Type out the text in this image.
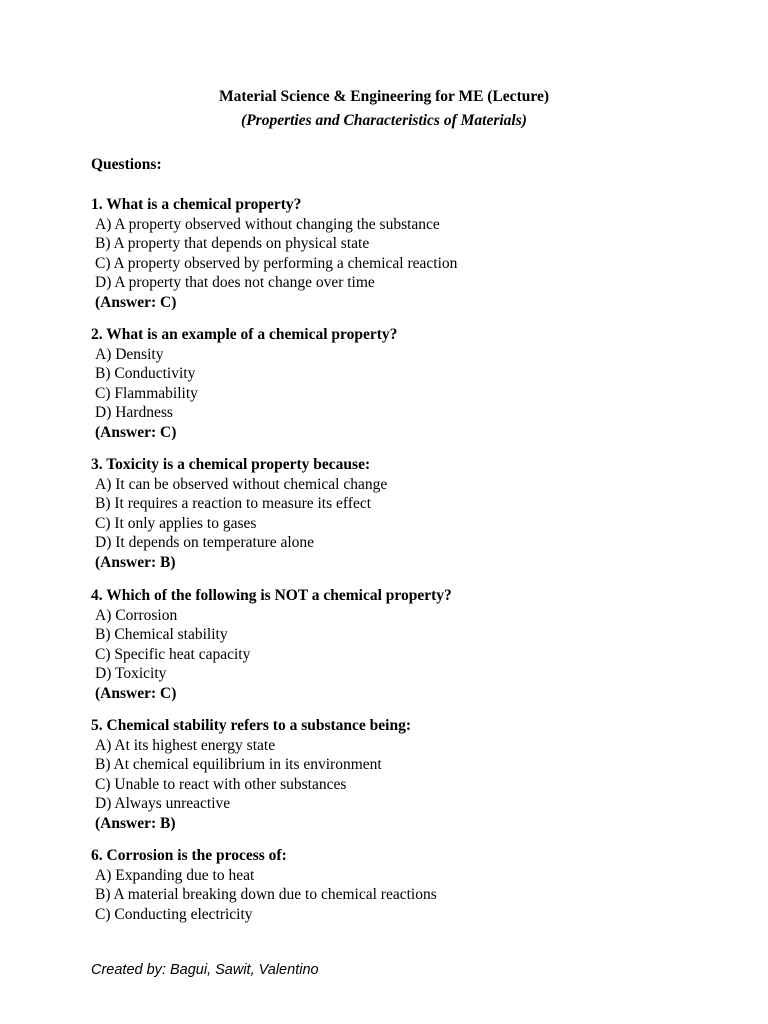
Material Science & Engineering for ME (Lecture)
(Properties and Characteristics of Materials)
Questions:
1. What is a chemical property?
A) A property observed without changing the substance
B) A property that depends on physical state
C) A property observed by performing a chemical reaction
D) A property that does not change over time
(Answer: C)
2. What is an example of a chemical property?
A) Density
B) Conductivity
C) Flammability
D) Hardness
(Answer: C)
3. Toxicity is a chemical property because:
A) It can be observed without chemical change
B) It requires a reaction to measure its effect
C) It only applies to gases
D) It depends on temperature alone
(Answer: B)
4. Which of the following is NOT a chemical property?
A) Corrosion
B) Chemical stability
C) Specific heat capacity
D) Toxicity
(Answer: C)
5. Chemical stability refers to a substance being:
A) At its highest energy state
B) At chemical equilibrium in its environment
C) Unable to react with other substances
D) Always unreactive
(Answer: B)
6. Corrosion is the process of:
A) Expanding due to heat
B) A material breaking down due to chemical reactions
C) Conducting electricity
Created by: Bagui, Sawit, Valentino
